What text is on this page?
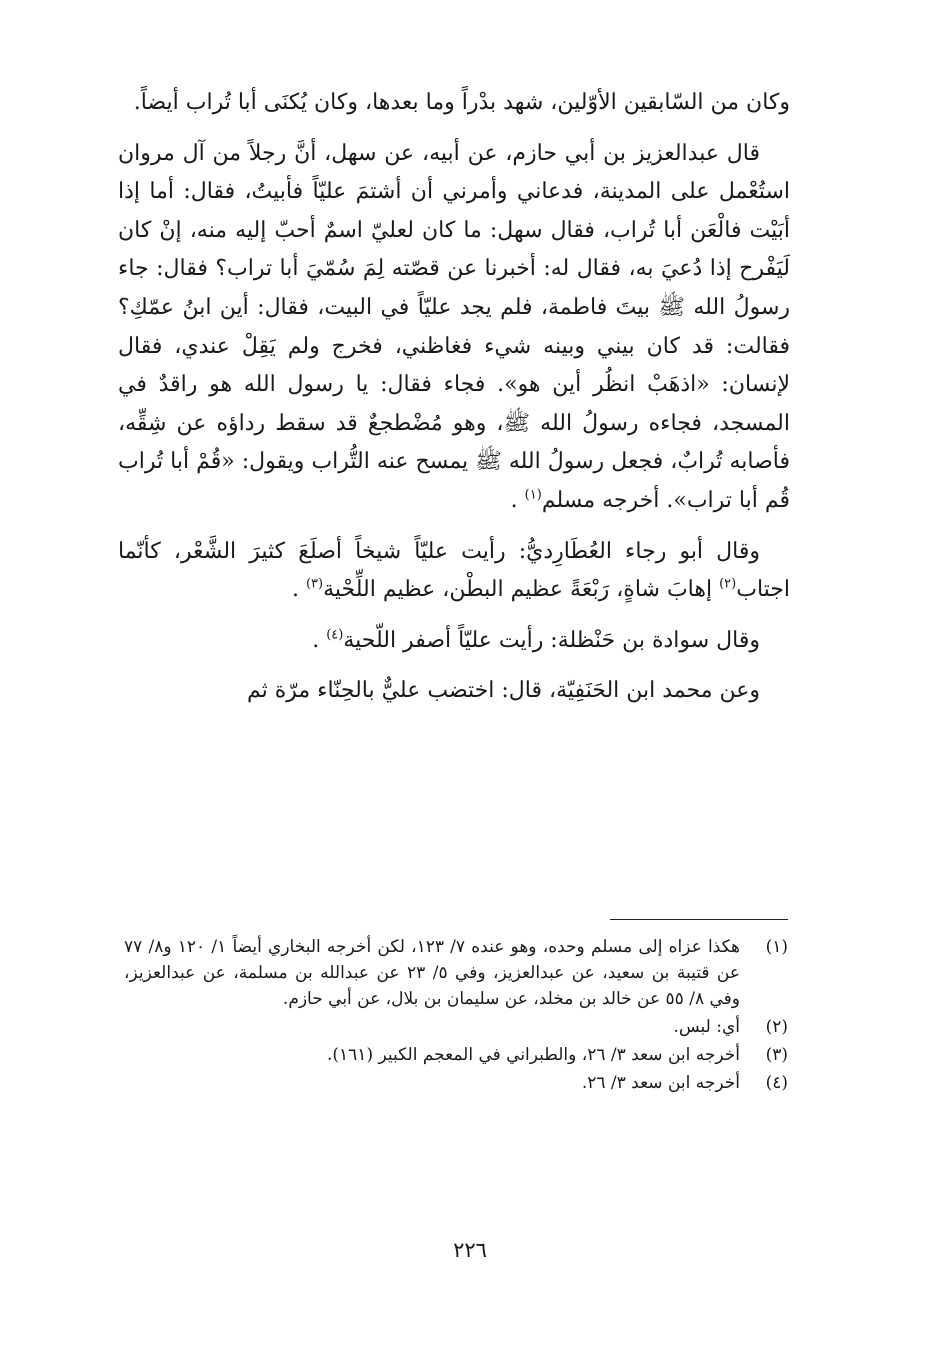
وكان من السّابقين الأوّلين، شهد بدْراً وما بعدها، وكان يُكنَى أبا تُراب أيضاً.

قال عبدالعزيز بن أبي حازم، عن أبيه، عن سهل، أنَّ رجلاً من آل مروان استُعْمل على المدينة، فدعاني وأمرني أن أشتمَ عليّاً فأبيتُ، فقال: أما إذا أبَيْت فالْعَن أبا تُراب، فقال سهل: ما كان لعليّ اسمٌ أحبّ إليه منه، إنْ كان لَيَفْرح إذا دُعيَ به، فقال له: أخبرنا عن قصّته لِمَ سُمّيَ أبا تراب؟ فقال: جاء رسولُ الله ﷺ بيتَ فاطمة، فلم يجد عليّاً في البيت، فقال: أين ابنُ عمّكِ؟ فقالت: قد كان بيني وبينه شيء فغاظني، فخرج ولم يَقِلْ عندي، فقال لإنسان: «اذهَبْ انظُر أين هو». فجاء فقال: يا رسول الله هو راقدٌ في المسجد، فجاءه رسولُ الله ﷺ، وهو مُضْطجعٌ قد سقط رداؤه عن شِقِّه، فأصابه تُرابٌ، فجعل رسولُ الله ﷺ يمسح عنه التُّراب ويقول: «قُمْ أبا تُراب قُم أبا تراب». أخرجه مسلم$^{(١)}$ .

وقال أبو رجاء العُطَارِديُّ: رأيت عليّاً شيخاً أصلَعَ كثيرَ الشَّعْر، كأنّما اجتاب$^{(٢)}$ إهابَ شاةٍ، رَبْعَةً عظيم البطْن، عظيم اللِّحْية$^{(٣)}$ .

وقال سوادة بن حَنْظلة: رأيت عليّاً أصفر اللّحية$^{(٤)}$ .

وعن محمد ابن الحَنَفِيّة، قال: اختضب عليٌّ بالحِنّاء مرّة ثم

(١)
هكذا عزاه إلى مسلم وحده، وهو عنده ٧/ ١٢٣، لكن أخرجه البخاري أيضاً ١/ ١٢٠ و٨/ ٧٧ عن قتيبة بن سعيد، عن عبدالعزيز، وفي ٥/ ٢٣ عن عبدالله بن مسلمة، عن عبدالعزيز، وفي ٨/ ٥٥ عن خالد بن مخلد، عن سليمان بن بلال، عن أبي حازم.
(٢)
أي: لبس.
(٣)
أخرجه ابن سعد ٣/ ٢٦، والطبراني في المعجم الكبير (١٦١).
(٤)
أخرجه ابن سعد ٣/ ٢٦.
٢٢٦
